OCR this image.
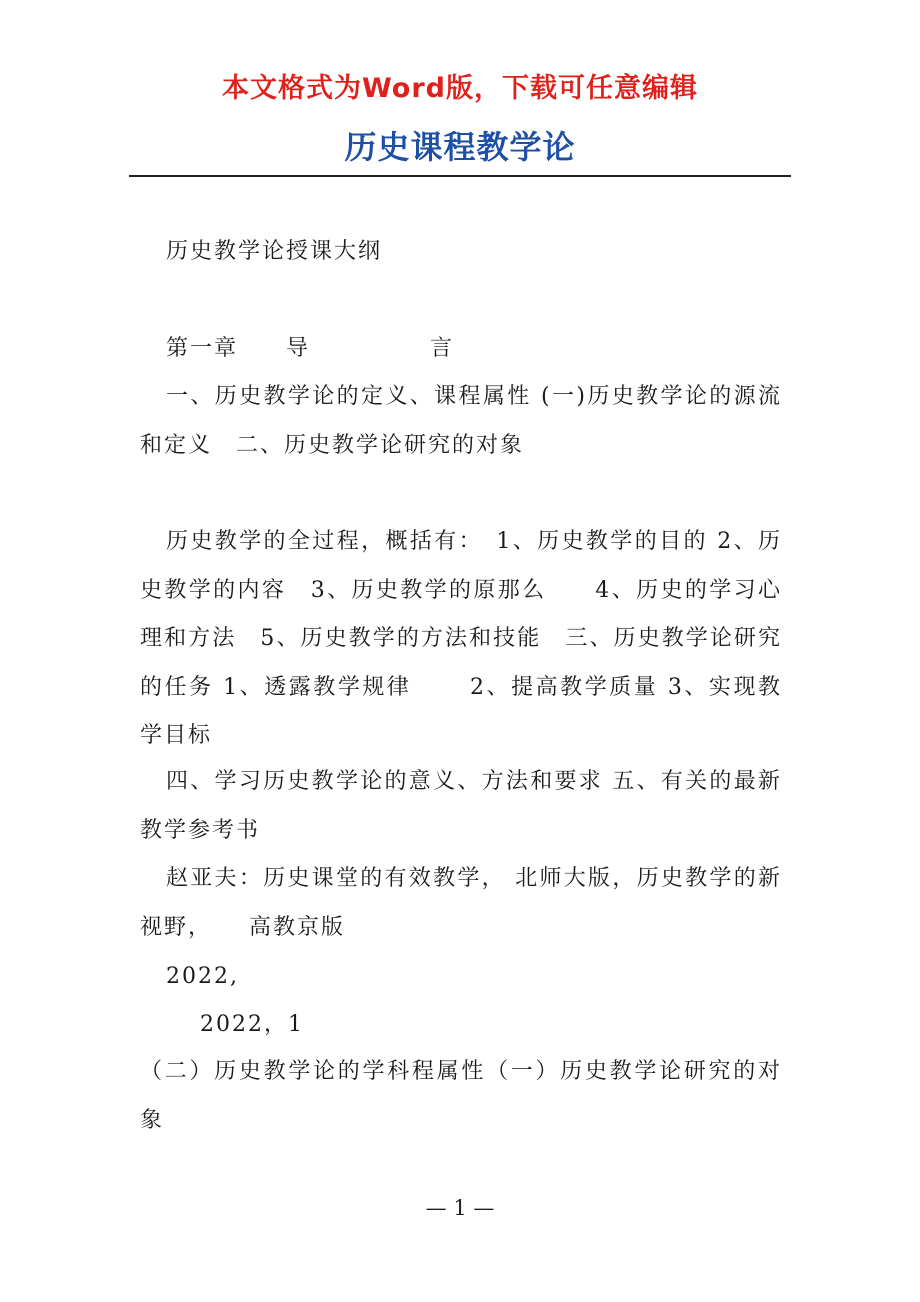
本文格式为Word版，下载可任意编辑
历史课程教学论
历史教学论授课大纲
第一章　　导　　　　　言
一、历史教学论的定义、课程属性 (一)历史教学论的源流和定义　二、历史教学论研究的对象
历史教学的全过程，概括有：　1、历史教学的目的 2、历史教学的内容　3、历史教学的原那么　　4、历史的学习心理和方法　5、历史教学的方法和技能　三、历史教学论研究的任务 1、透露教学规律　　 2、提高教学质量 3、实现教学目标
四、学习历史教学论的意义、方法和要求 五、有关的最新教学参考书
赵亚夫：历史课堂的有效教学， 北师大版，历史教学的新视野，　　高教京版
2022,
2022，1
（二）历史教学论的学科程属性（一）历史教学论研究的对象
— 1 —
